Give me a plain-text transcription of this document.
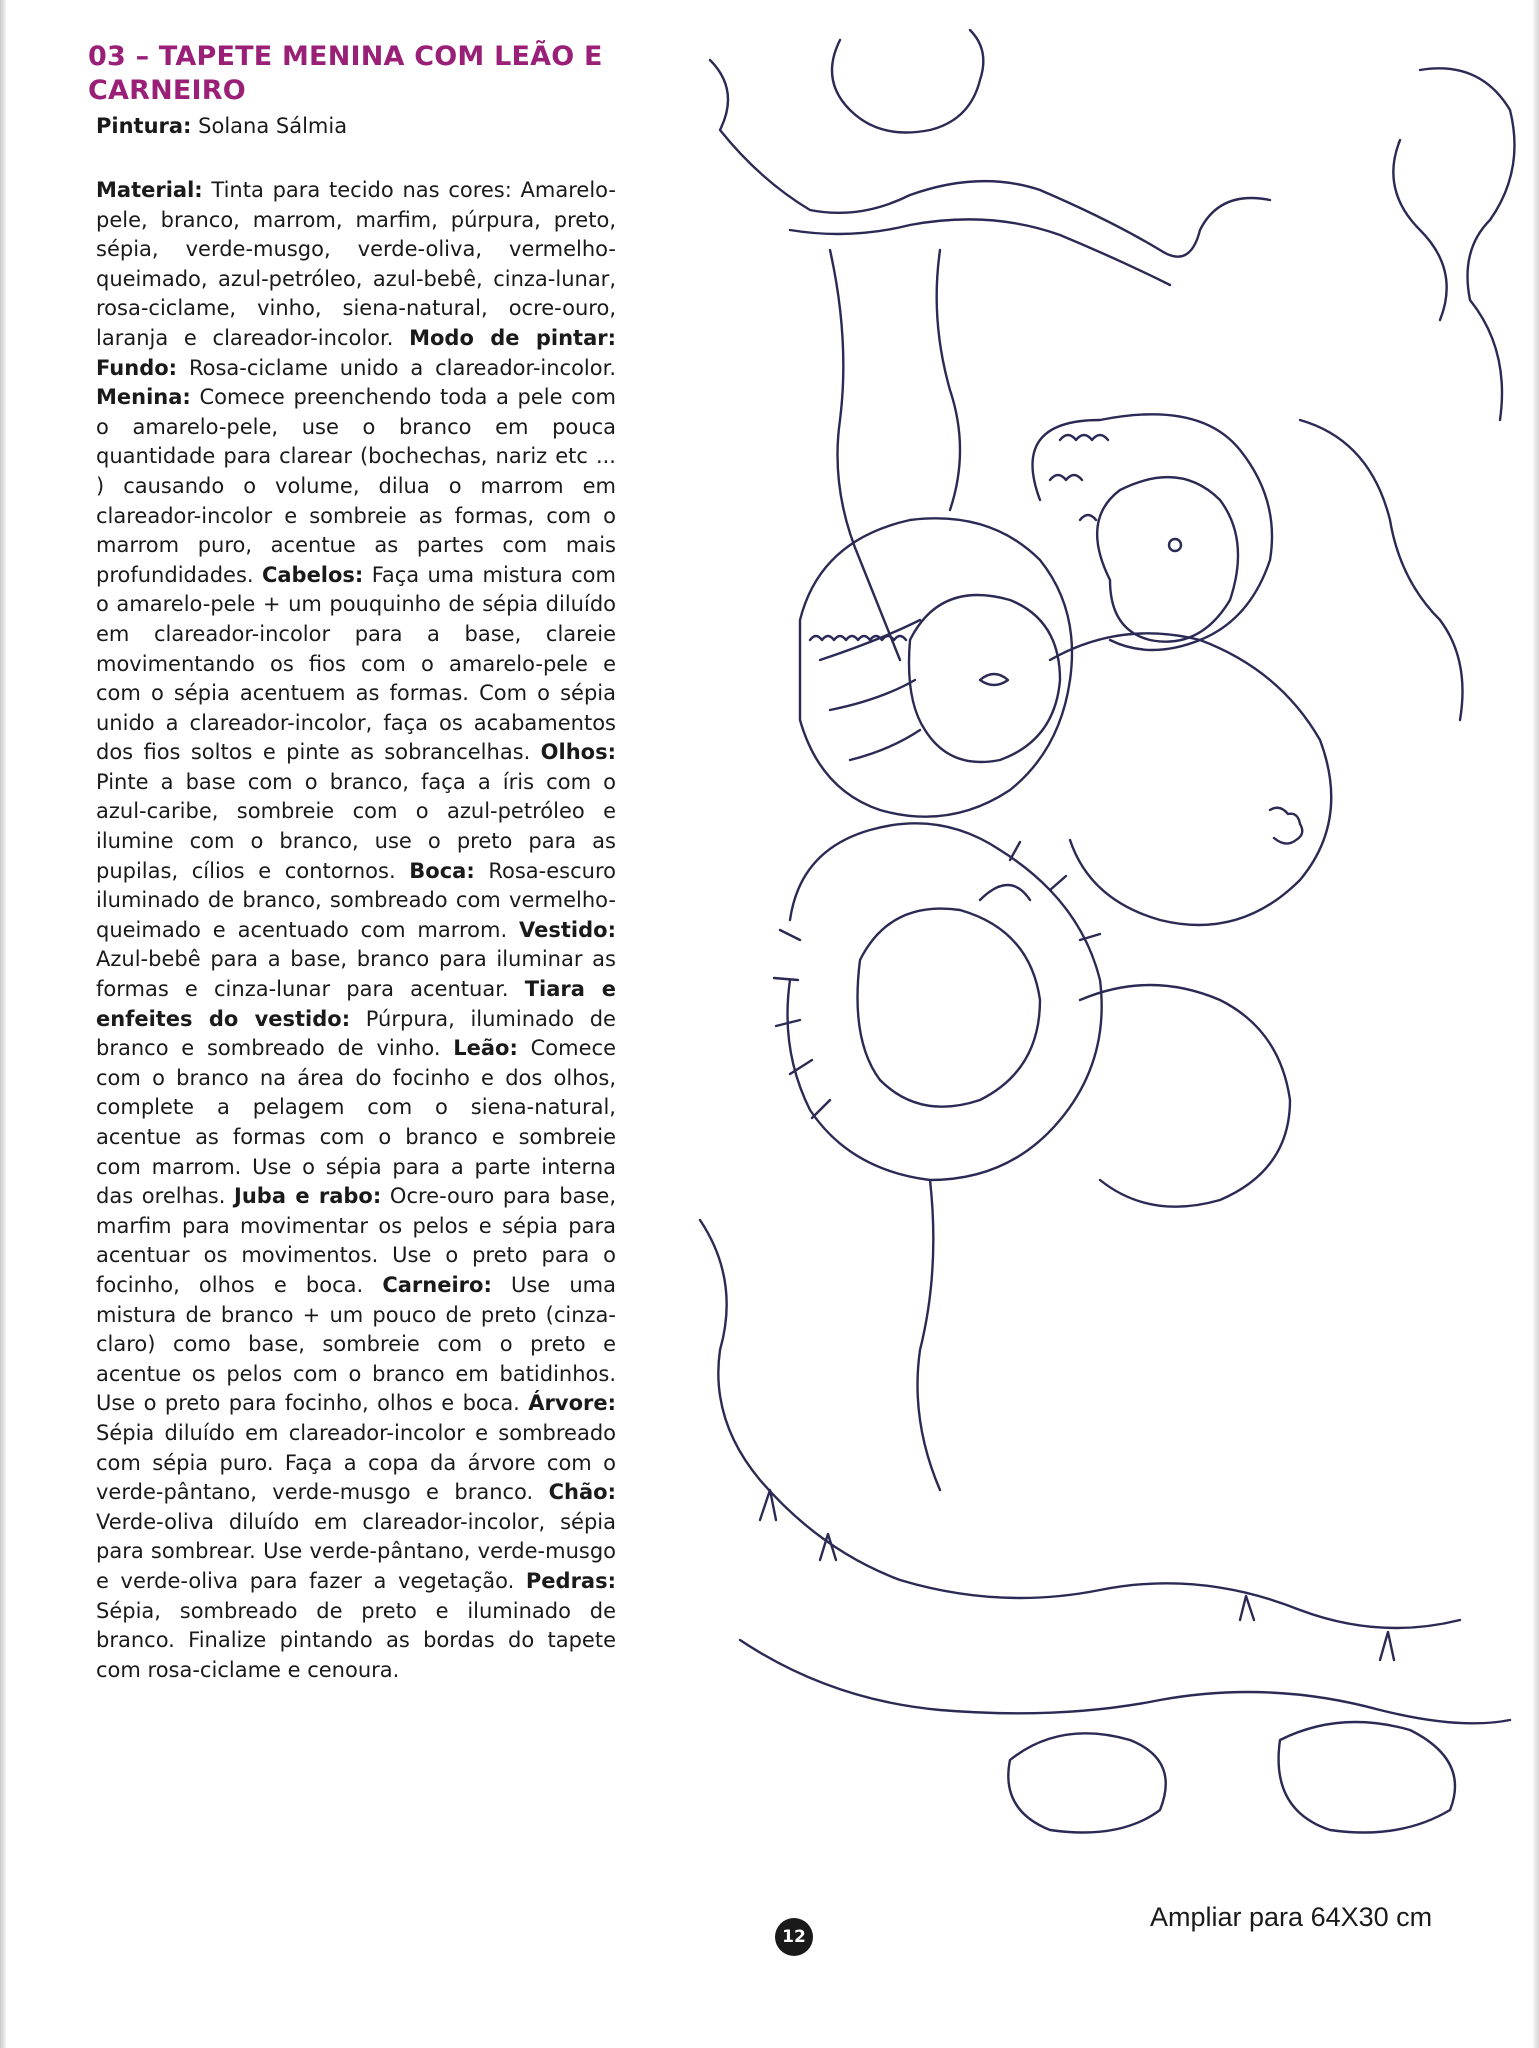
03 – TAPETE MENINA COM LEÃO E CARNEIRO

Pintura: Solana Sálmia

Material: Tinta para tecido nas cores: Amarelo-pele, branco, marrom, marfim, púrpura, preto, sépia, verde-musgo, verde-oliva, vermelho-queimado, azul-petróleo, azul-bebê, cinza-lunar, rosa-ciclame, vinho, siena-natural, ocre-ouro, laranja e clareador-incolor. Modo de pintar: Fundo: Rosa-ciclame unido a clareador-incolor. Menina: Comece preenchendo toda a pele com o amarelo-pele, use o branco em pouca quantidade para clarear (bochechas, nariz etc ... ) causando o volume, dilua o marrom em clareador-incolor e sombreie as formas, com o marrom puro, acentue as partes com mais profundidades. Cabelos: Faça uma mistura com o amarelo-pele + um pouquinho de sépia diluído em clareador-incolor para a base, clareie movimentando os fios com o amarelo-pele e com o sépia acentuem as formas. Com o sépia unido a clareador-incolor, faça os acabamentos dos fios soltos e pinte as sobrancelhas. Olhos: Pinte a base com o branco, faça a íris com o azul-caribe, sombreie com o azul-petróleo e ilumine com o branco, use o preto para as pupilas, cílios e contornos. Boca: Rosa-escuro iluminado de branco, sombreado com vermelho-queimado e acentuado com marrom. Vestido: Azul-bebê para a base, branco para iluminar as formas e cinza-lunar para acentuar. Tiara e enfeites do vestido: Púrpura, iluminado de branco e sombreado de vinho. Leão: Comece com o branco na área do focinho e dos olhos, complete a pelagem com o siena-natural, acentue as formas com o branco e sombreie com marrom. Use o sépia para a parte interna das orelhas. Juba e rabo: Ocre-ouro para base, marfim para movimentar os pelos e sépia para acentuar os movimentos. Use o preto para o focinho, olhos e boca. Carneiro: Use uma mistura de branco + um pouco de preto (cinza-claro) como base, sombreie com o preto e acentue os pelos com o branco em batidinhos. Use o preto para focinho, olhos e boca. Árvore: Sépia diluído em clareador-incolor e sombreado com sépia puro. Faça a copa da árvore com o verde-pântano, verde-musgo e branco. Chão: Verde-oliva diluído em clareador-incolor, sépia para sombrear. Use verde-pântano, verde-musgo e verde-oliva para fazer a vegetação. Pedras: Sépia, sombreado de preto e iluminado de branco. Finalize pintando as bordas do tapete com rosa-ciclame e cenoura.

12
Ampliar para 64X30 cm
